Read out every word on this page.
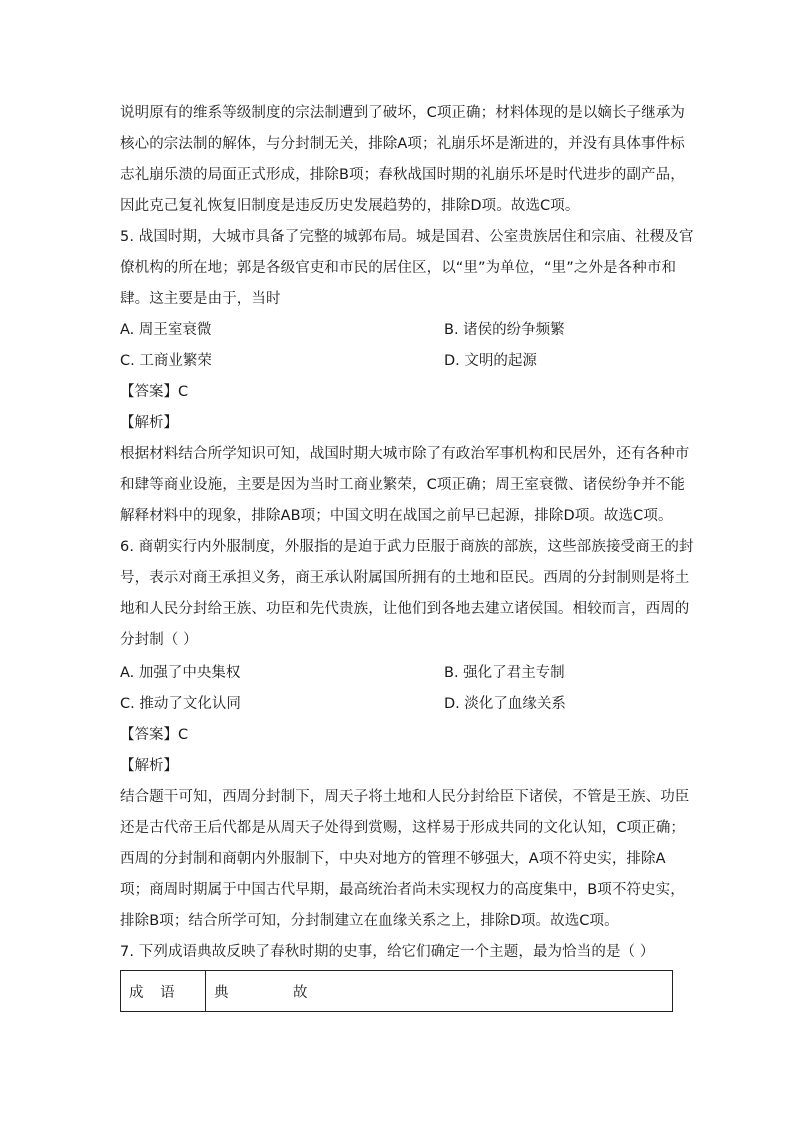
说明原有的维系等级制度的宗法制遭到了破坏，C项正确；材料体现的是以嫡长子继承为
核心的宗法制的解体，与分封制无关，排除A项；礼崩乐坏是渐进的，并没有具体事件标
志礼崩乐溃的局面正式形成，排除B项；春秋战国时期的礼崩乐坏是时代进步的副产品，
因此克己复礼恢复旧制度是违反历史发展趋势的，排除D项。故选C项。
5. 战国时期，大城市具备了完整的城郭布局。城是国君、公室贵族居住和宗庙、社稷及官
僚机构的所在地；郭是各级官吏和市民的居住区，以“里”为单位，“里”之外是各种市和
肆。这主要是由于，当时
A. 周王室衰微	B. 诸侯的纷争频繁
C. 工商业繁荣	D. 文明的起源
【答案】C
【解析】
根据材料结合所学知识可知，战国时期大城市除了有政治军事机构和民居外，还有各种市
和肆等商业设施，主要是因为当时工商业繁荣，C项正确；周王室衰微、诸侯纷争并不能
解释材料中的现象，排除AB项；中国文明在战国之前早已起源，排除D项。故选C项。
6. 商朝实行内外服制度，外服指的是迫于武力臣服于商族的部族，这些部族接受商王的封
号，表示对商王承担义务，商王承认附属国所拥有的土地和臣民。西周的分封制则是将土
地和人民分封给王族、功臣和先代贵族，让他们到各地去建立诸侯国。相较而言，西周的
分封制（ ）
A. 加强了中央集权	B. 强化了君主专制
C. 推动了文化认同	D. 淡化了血缘关系
【答案】C
【解析】
结合题干可知，西周分封制下，周天子将土地和人民分封给臣下诸侯，不管是王族、功臣
还是古代帝王后代都是从周天子处得到赏赐，这样易于形成共同的文化认知，C项正确；
西周的分封制和商朝内外服制下，中央对地方的管理不够强大，A项不符史实，排除A
项；商周时期属于中国古代早期，最高统治者尚未实现权力的高度集中，B项不符史实，
排除B项；结合所学可知，分封制建立在血缘关系之上，排除D项。故选C项。
7. 下列成语典故反映了春秋时期的史事，给它们确定一个主题，最为恰当的是（ ）
成 语	典              故
